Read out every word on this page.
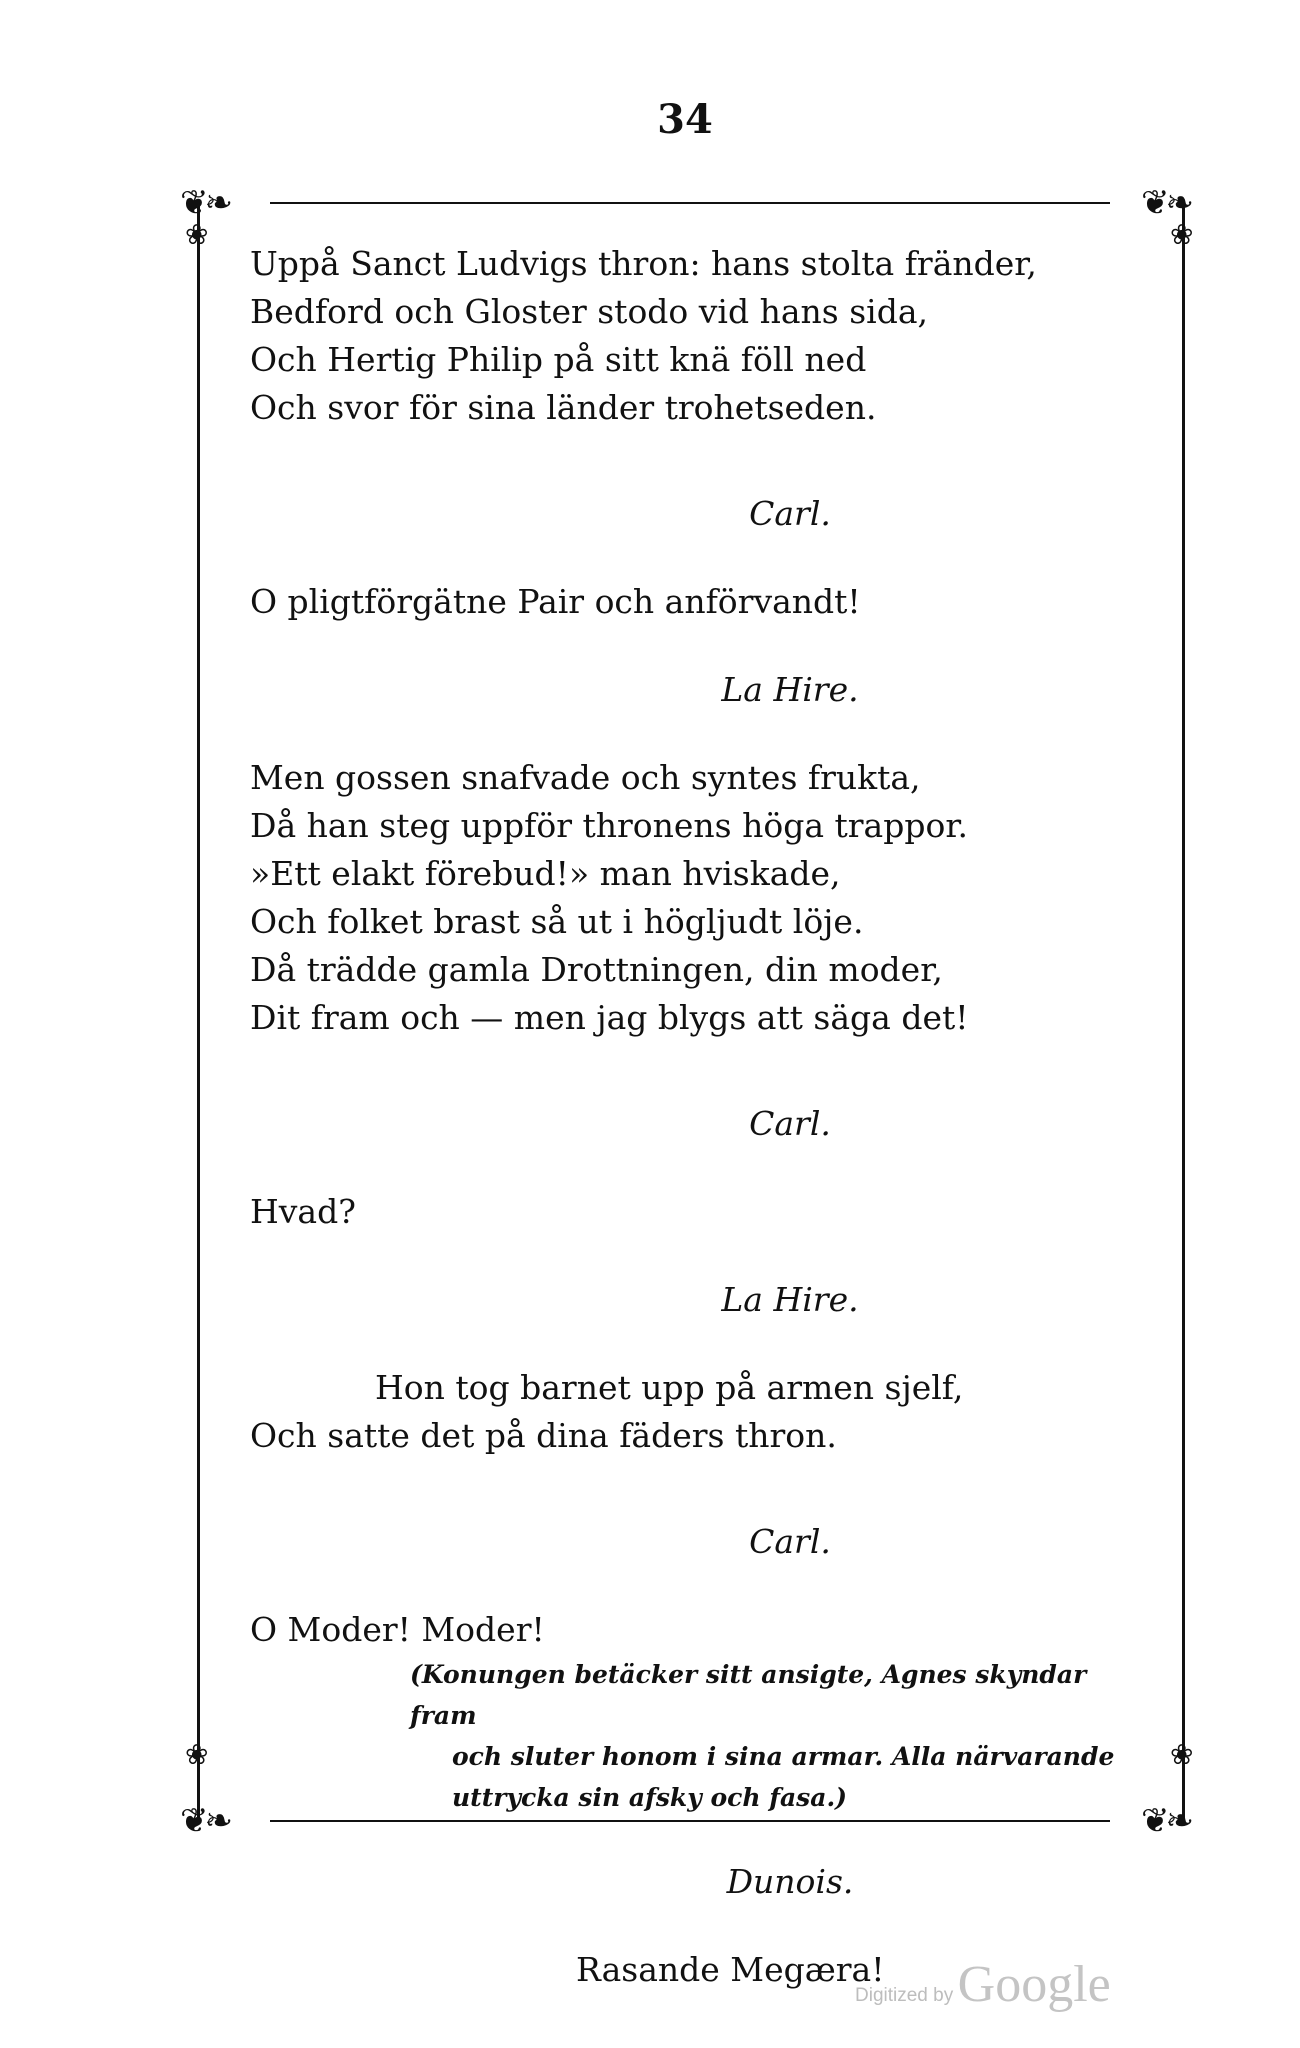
34
❦❧	❦❧
❦❧	❦❧
❀	❀
❀	❀
Uppå Sanct Ludvigs thron: hans stolta fränder,
Bedford och Gloster stodo vid hans sida,
Och Hertig Philip på sitt knä föll ned
Och svor för sina länder trohetseden.
Carl.
O pligtförgätne Pair och anförvandt!
La Hire.
Men gossen snafvade och syntes frukta,
Då han steg uppför thronens höga trappor.
»Ett elakt förebud!» man hviskade,
Och folket brast så ut i högljudt löje.
Då trädde gamla Drottningen, din moder,
Dit fram och — men jag blygs att säga det!
Carl.
Hvad?
La Hire.
Hon tog barnet upp på armen sjelf,
Och satte det på dina fäders thron.
Carl.
O Moder! Moder!
(Konungen betäcker sitt ansigte, Agnes skyndar fram
och sluter honom i sina armar. Alla närvarande
uttrycka sin afsky och fasa.)
Dunois.
Rasande Megæra!
Digitized by Google
